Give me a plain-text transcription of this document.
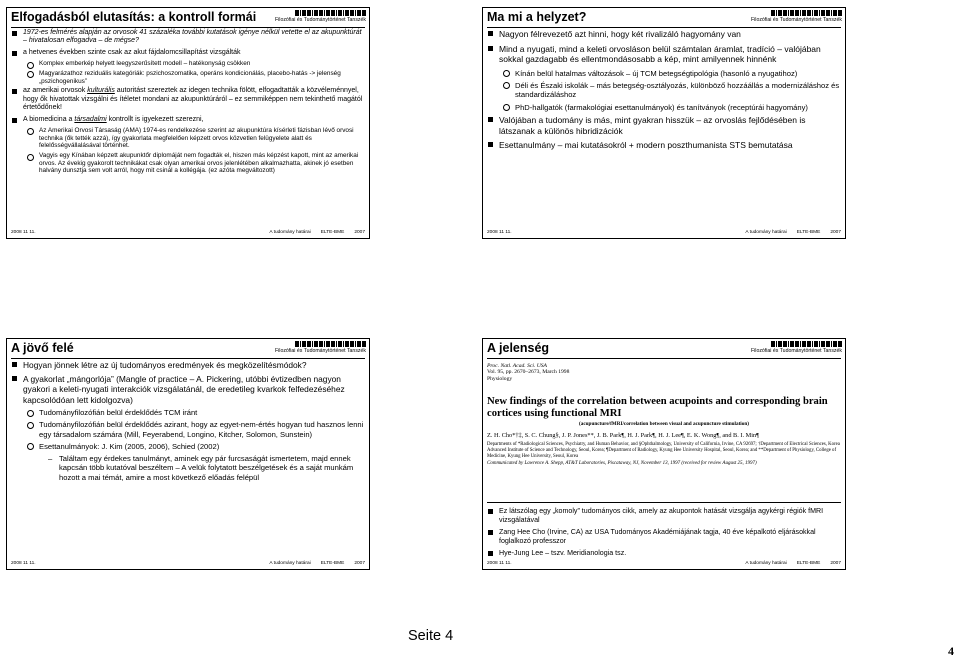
Filozófiai és Tudománytörténet Tanszék
Elfogadásból elutasítás: a kontroll formái
1972-es felmérés alapján az orvosok 41 százaléka további kutatások igénye nélkül vetette el az akupunktúrát – hivatalosan elfogadva – de mégse?
a hetvenes években szinte csak az akut fájdalomcsillapítást vizsgálták
Komplex emberkép helyett leegyszerűsített modell – hatékonyság csökken
Magyarázathoz reziduális kategóriák: pszichoszomatika, operáns kondicionálás, placebo-hatás -> jelenség „pszichogenikus”
az amerikai orvosok kulturális autoritást szereztek az idegen technika fölött, elfogadtatták a közvéleménnyel, hogy ők hivatottak vizsgálni és ítéletet mondani az akupunktúráról – ez semmiképpen nem tekinthető magától értetődőnek!
A biomedicina a társadalmi kontrollt is igyekezett szerezni,
Az Amerikai Orvosi Társaság (AMA) 1974-es rendelkezése szerint az akupunktúra kísérleti fázisban lévő orvosi technika (ők tették azzá), így gyakorlata megfelelően képzett orvos közvetlen felügyelete alatt és felelősségvállalásával történhet.
Vagyis egy Kínában képzett akupunktőr diplomáját nem fogadták el, hiszen más képzést kapott, mint az amerikai orvos. Az évekig gyakorolt technikákat csak olyan amerikai orvos jelenlétében alkalmazhatta, akinek jó esetben halvány dunsztja sem volt arról, hogy mit csinál a kollégája. (ez azóta megváltozott)
2008 11 11.	A tudomány határai ELTE-BME 2007
Filozófiai és Tudománytörténet Tanszék
Ma mi a helyzet?
Nagyon félrevezető azt hinni, hogy két rivalizáló hagyomány van
Mind a nyugati, mind a keleti orvosláson belül számtalan áramlat, tradíció – valójában sokkal gazdagabb és ellentmondásosabb a kép, mint amilyennek hinnénk
Kínán belül hatalmas változások – új TCM betegségtipológia (hasonló a nyugatihoz)
Déli és Északi iskolák – más betegség-osztályozás, különböző hozzáállás a modernizáláshoz és standardizáláshoz
PhD-hallgatók (farmakológiai esettanulmányok) és tanítványok (receptúrái hagyomány)
Valójában a tudomány is más, mint gyakran hisszük – az orvoslás fejlődésében is látszanak a különös hibridizációk
Esettanulmány – mai kutatásokról + modern poszthumanista STS bemutatása
2008 11 11.	A tudomány határai ELTE-BME 2007
Filozófiai és Tudománytörténet Tanszék
A jövő felé
Hogyan jönnek létre az új tudományos eredmények és megközelítésmódok?
A gyakorlat „mángorlója” (Mangle of practice – A. Pickering, utóbbi évtizedben nagyon gyakori a keleti-nyugati interakciók vizsgálatánál, de eredetileg kvarkok felfedezéséhez kapcsolódóan lett kidolgozva)
Tudományfilozófián belül érdeklődés TCM iránt
Tudományfilozófián belül érdeklődés azirant, hogy az egyet-nem-értés hogyan tud hasznos lenni egy társadalom számára (Mill, Feyerabend, Longino, Kitcher, Solomon, Sunstein)
Esettanulmányok: J. Kim (2005, 2006), Schied (2002)
– Találtam egy érdekes tanulmányt, aminek egy pár furcsaságát ismertetem, majd ennek kapcsán több kutatóval beszéltem – A velük folytatott beszélgetések és a saját munkám hozott a mai témát, amire a most következő előadás felépül
2008 11 11.	A tudomány határai ELTE-BME 2007
Filozófiai és Tudománytörténet Tanszék
A jelenség
Proc. Natl. Acad. Sci. USA
Vol. 95, pp. 2670–2673, March 1998
Physiology
New findings of the correlation between acupoints and corresponding brain cortices using functional MRI
(acupuncture/fMRI/correlation between visual and acupuncture stimulation)
Z. H. Cho*†‡, S. C. Chung§, J. P. Jones**, J. B. Park¶, H. J. Park¶, H. J. Lee¶, E. K. Wong¶, and B. I. Min¶
Departments of *Radiological Sciences, Psychiatry, and Human Behavior, and §Ophthalmology, University of California, Irvine, CA 92697; †Department of Electrical Sciences, Korea Advanced Institute of Science and Technology, Seoul, Korea; ¶Department of Radiology, Kyung Hee University Hospital, Seoul, Korea; and **Department of Physiology, College of Medicine, Kyung Hee University, Seoul, Korea
Communicated by Lawrence A. Shepp, AT&T Laboratories, Piscataway, NJ, November 13, 1997 (received for review August 25, 1997)
Ez látszólag egy „komoly” tudományos cikk, amely az akupontok hatását vizsgálja agykérgi régiók fMRI vizsgálatával
Zang Hee Cho (Irvine, CA) az USA Tudományos Akadémiájának tagja, 40 éve képalkotó eljárásokkal foglalkozó professzor
Hye-Jung Lee – tszv. Meridianologia tsz.
2008 11 11.	A tudomány határai ELTE-BME 2007
Seite 4
4
